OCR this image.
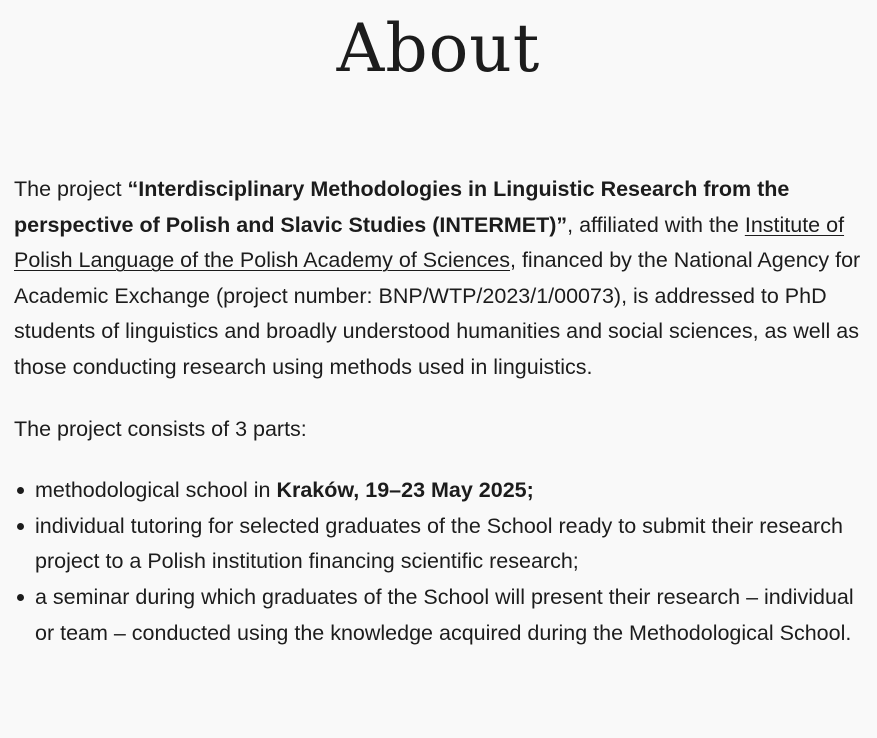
About

The project “Interdisciplinary Methodologies in Linguistic Research from the perspective of Polish and Slavic Studies (INTERMET)”, affiliated with the Institute of Polish Language of the Polish Academy of Sciences, financed by the National Agency for Academic Exchange (project number: BNP/WTP/2023/1/00073), is addressed to PhD students of linguistics and broadly understood humanities and social sciences, as well as those conducting research using methods used in linguistics.

The project consists of 3 parts:

methodological school in Kraków, 19–23 May 2025;
individual tutoring for selected graduates of the School ready to submit their research project to a Polish institution financing scientific research;
a seminar during which graduates of the School will present their research – individual or team – conducted using the knowledge acquired during the Methodological School.
